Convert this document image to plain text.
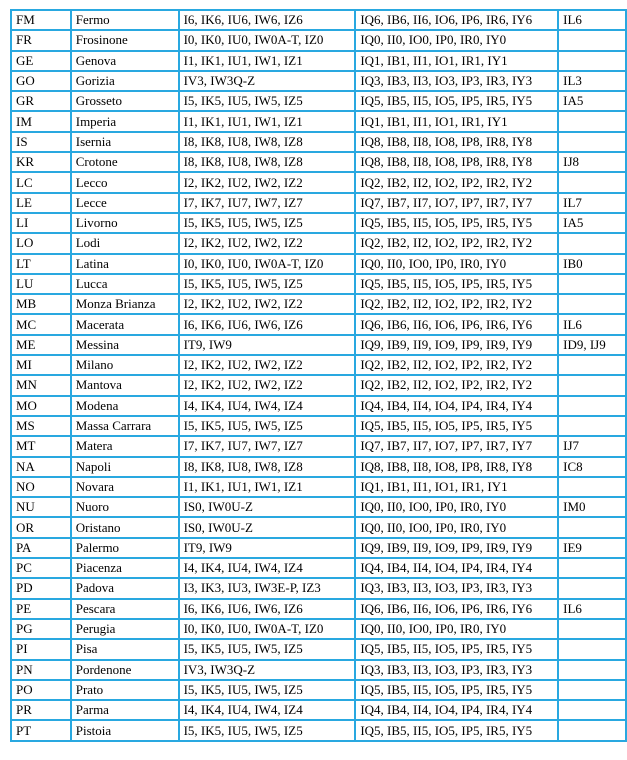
FM	Fermo	I6, IK6, IU6, IW6, IZ6	IQ6, IB6, II6, IO6, IP6, IR6, IY6	IL6
FR	Frosinone	I0, IK0, IU0, IW0A-T, IZ0	IQ0, II0, IO0, IP0, IR0, IY0	
GE	Genova	I1, IK1, IU1, IW1, IZ1	IQ1, IB1, II1, IO1, IR1, IY1	
GO	Gorizia	IV3, IW3Q-Z	IQ3, IB3, II3, IO3, IP3, IR3, IY3	IL3
GR	Grosseto	I5, IK5, IU5, IW5, IZ5	IQ5, IB5, II5, IO5, IP5, IR5, IY5	IA5
IM	Imperia	I1, IK1, IU1, IW1, IZ1	IQ1, IB1, II1, IO1, IR1, IY1	
IS	Isernia	I8, IK8, IU8, IW8, IZ8	IQ8, IB8, II8, IO8, IP8, IR8, IY8	
KR	Crotone	I8, IK8, IU8, IW8, IZ8	IQ8, IB8, II8, IO8, IP8, IR8, IY8	IJ8
LC	Lecco	I2, IK2, IU2, IW2, IZ2	IQ2, IB2, II2, IO2, IP2, IR2, IY2	
LE	Lecce	I7, IK7, IU7, IW7, IZ7	IQ7, IB7, II7, IO7, IP7, IR7, IY7	IL7
LI	Livorno	I5, IK5, IU5, IW5, IZ5	IQ5, IB5, II5, IO5, IP5, IR5, IY5	IA5
LO	Lodi	I2, IK2, IU2, IW2, IZ2	IQ2, IB2, II2, IO2, IP2, IR2, IY2	
LT	Latina	I0, IK0, IU0, IW0A-T, IZ0	IQ0, II0, IO0, IP0, IR0, IY0	IB0
LU	Lucca	I5, IK5, IU5, IW5, IZ5	IQ5, IB5, II5, IO5, IP5, IR5, IY5	
MB	Monza Brianza	I2, IK2, IU2, IW2, IZ2	IQ2, IB2, II2, IO2, IP2, IR2, IY2	
MC	Macerata	I6, IK6, IU6, IW6, IZ6	IQ6, IB6, II6, IO6, IP6, IR6, IY6	IL6
ME	Messina	IT9, IW9	IQ9, IB9, II9, IO9, IP9, IR9, IY9	ID9, IJ9
MI	Milano	I2, IK2, IU2, IW2, IZ2	IQ2, IB2, II2, IO2, IP2, IR2, IY2	
MN	Mantova	I2, IK2, IU2, IW2, IZ2	IQ2, IB2, II2, IO2, IP2, IR2, IY2	
MO	Modena	I4, IK4, IU4, IW4, IZ4	IQ4, IB4, II4, IO4, IP4, IR4, IY4	
MS	Massa Carrara	I5, IK5, IU5, IW5, IZ5	IQ5, IB5, II5, IO5, IP5, IR5, IY5	
MT	Matera	I7, IK7, IU7, IW7, IZ7	IQ7, IB7, II7, IO7, IP7, IR7, IY7	IJ7
NA	Napoli	I8, IK8, IU8, IW8, IZ8	IQ8, IB8, II8, IO8, IP8, IR8, IY8	IC8
NO	Novara	I1, IK1, IU1, IW1, IZ1	IQ1, IB1, II1, IO1, IR1, IY1	
NU	Nuoro	IS0, IW0U-Z	IQ0, II0, IO0, IP0, IR0, IY0	IM0
OR	Oristano	IS0, IW0U-Z	IQ0, II0, IO0, IP0, IR0, IY0	
PA	Palermo	IT9, IW9	IQ9, IB9, II9, IO9, IP9, IR9, IY9	IE9
PC	Piacenza	I4, IK4, IU4, IW4, IZ4	IQ4, IB4, II4, IO4, IP4, IR4, IY4	
PD	Padova	I3, IK3, IU3, IW3E-P, IZ3	IQ3, IB3, II3, IO3, IP3, IR3, IY3	
PE	Pescara	I6, IK6, IU6, IW6, IZ6	IQ6, IB6, II6, IO6, IP6, IR6, IY6	IL6
PG	Perugia	I0, IK0, IU0, IW0A-T, IZ0	IQ0, II0, IO0, IP0, IR0, IY0	
PI	Pisa	I5, IK5, IU5, IW5, IZ5	IQ5, IB5, II5, IO5, IP5, IR5, IY5	
PN	Pordenone	IV3, IW3Q-Z	IQ3, IB3, II3, IO3, IP3, IR3, IY3	
PO	Prato	I5, IK5, IU5, IW5, IZ5	IQ5, IB5, II5, IO5, IP5, IR5, IY5	
PR	Parma	I4, IK4, IU4, IW4, IZ4	IQ4, IB4, II4, IO4, IP4, IR4, IY4	
PT	Pistoia	I5, IK5, IU5, IW5, IZ5	IQ5, IB5, II5, IO5, IP5, IR5, IY5	
